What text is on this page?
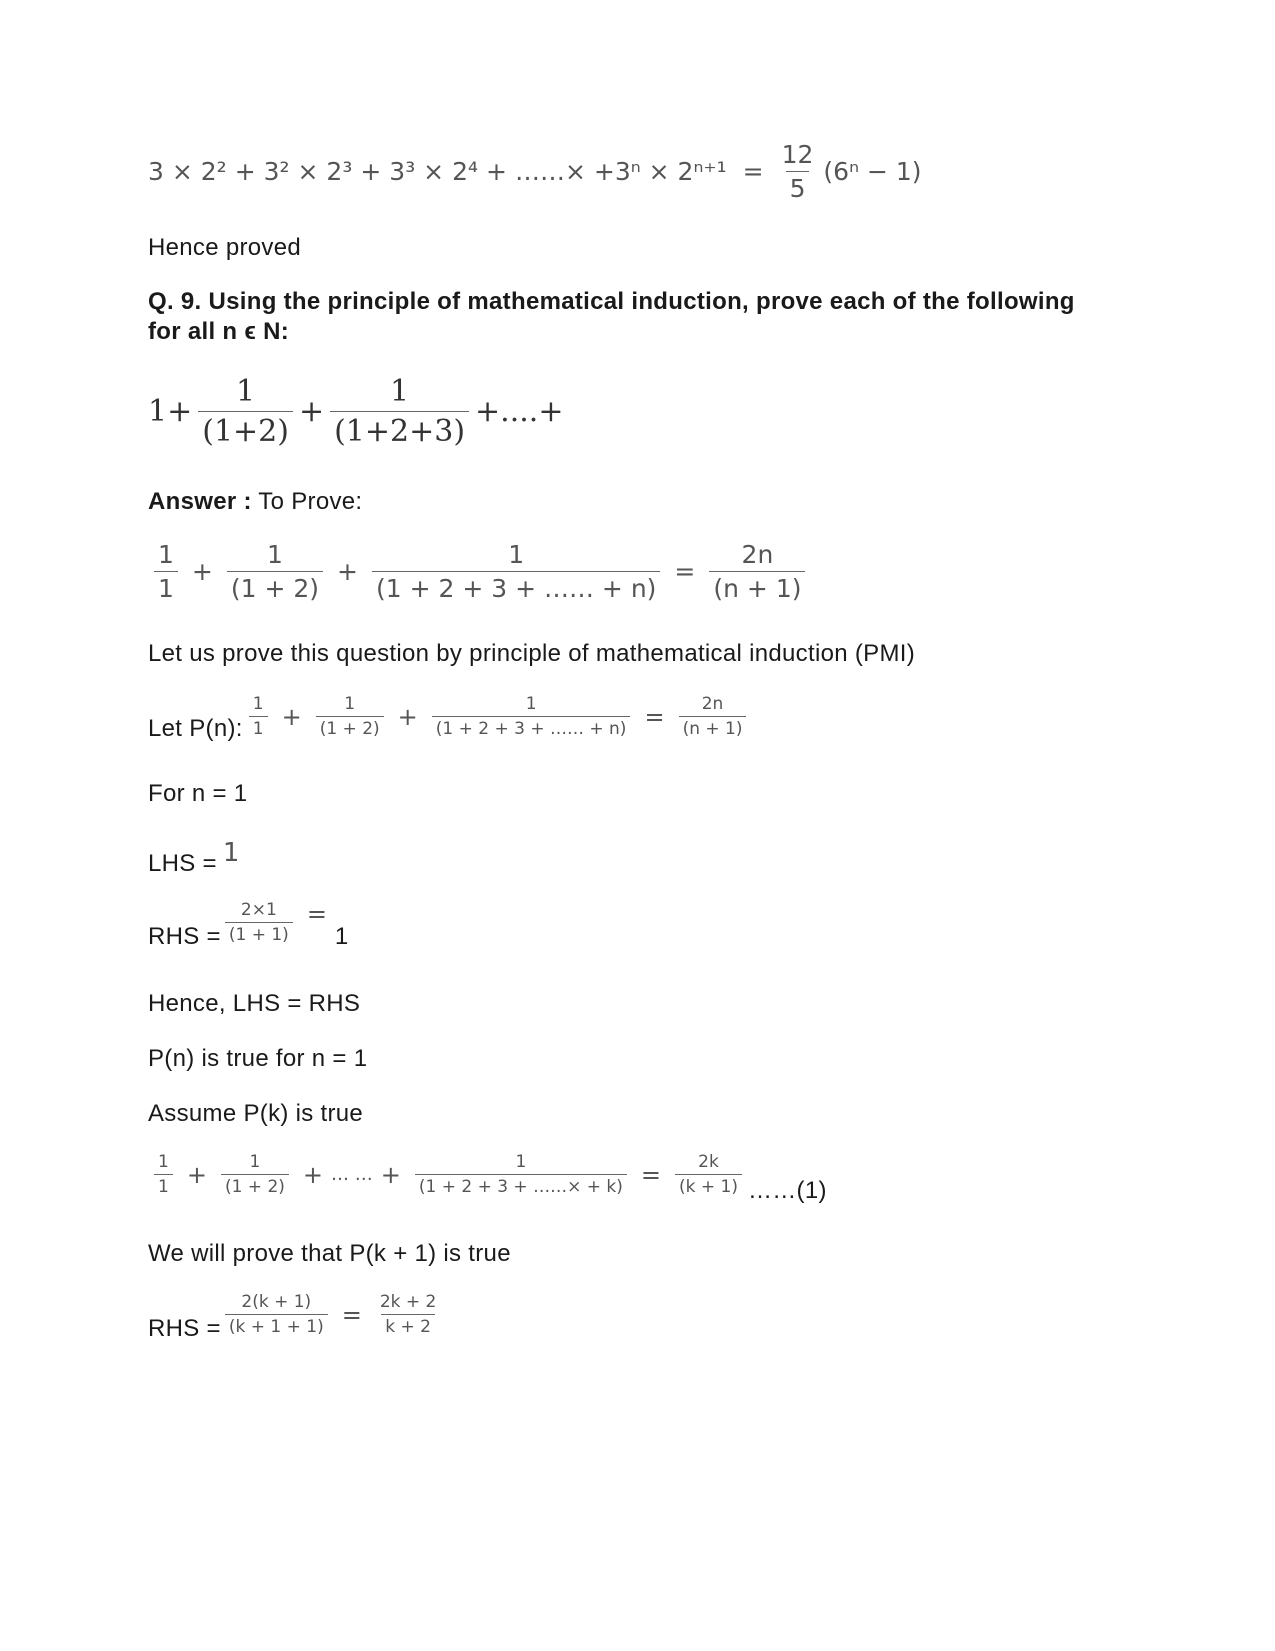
3 × 2² + 3² × 2³ + 3³ × 2⁴ + ……× $+3^n \times 2^{n+1} = \frac{12}{5} (6^n - 1)$
Hence proved
Q. 9. Using the principle of mathematical induction, prove each of the following
for all n ϵ N:
$1+ \frac{1}{(1+2)} + \frac{1}{(1+2+3)}$ +....+
Answer : To Prove:
$\frac{1}{1} + \frac{1}{(1 + 2)} + \frac{1}{(1 + 2 + 3 + \dots\dots + n)} = \frac{2n}{(n + 1)}$
Let us prove this question by principle of mathematical induction (PMI)
Let P(n): $\frac{1}{1} + \frac{1}{(1 + 2)} + \frac{1}{(1 + 2 + 3 + \dots\dots + n)} = \frac{2n}{(n + 1)}$
For n = 1
LHS = 1
RHS = $\frac{2\times 1}{(1 + 1)}$ =
1
Hence, LHS = RHS
P(n) is true for n = 1
Assume P(k) is true
$\frac{1}{1} + \frac{1}{(1 + 2)}$ + … … + $\frac{1}{(1 + 2 + 3 + \dots\dots\times + k)} = \frac{2k}{(k + 1)}$ ……(1)
We will prove that P(k + 1) is true
RHS = $\frac{2(k + 1)}{(k + 1 + 1)} = \frac{2k + 2}{k + 2}$
